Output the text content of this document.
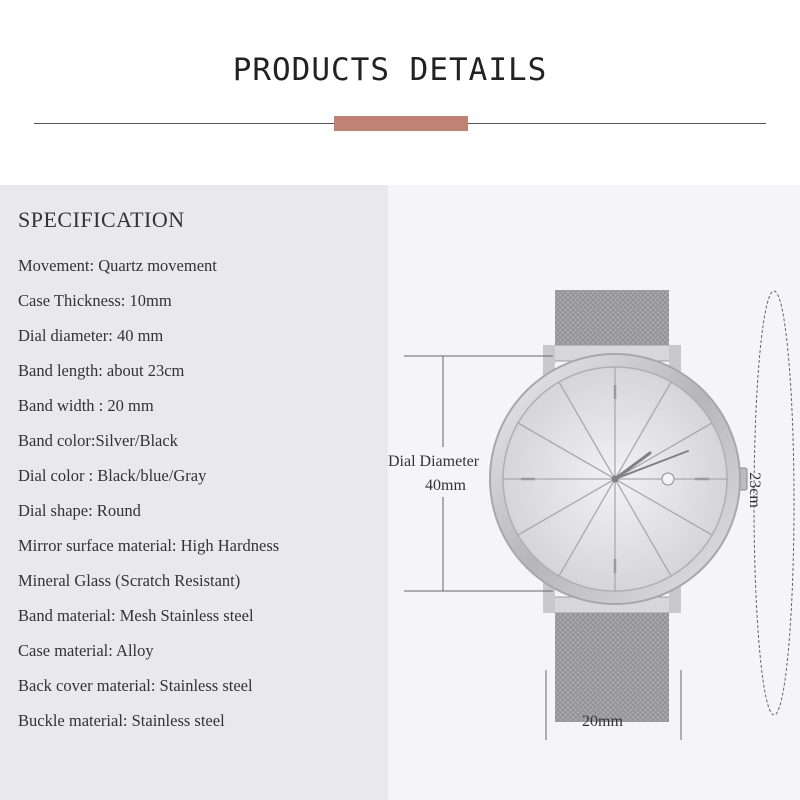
PRODUCTS DETAILS
SPECIFICATION
Movement: Quartz movement
Case Thickness: 10mm
Dial diameter: 40 mm
Band length: about 23cm
Band width : 20 mm
Band color:Silver/Black
Dial color : Black/blue/Gray
Dial shape: Round
Mirror surface material: High Hardness
Mineral Glass (Scratch Resistant)
Band material: Mesh Stainless steel
Case material: Alloy
Back cover material: Stainless steel
Buckle material: Stainless steel
Dial Diameter
40mm
20mm
23cm
